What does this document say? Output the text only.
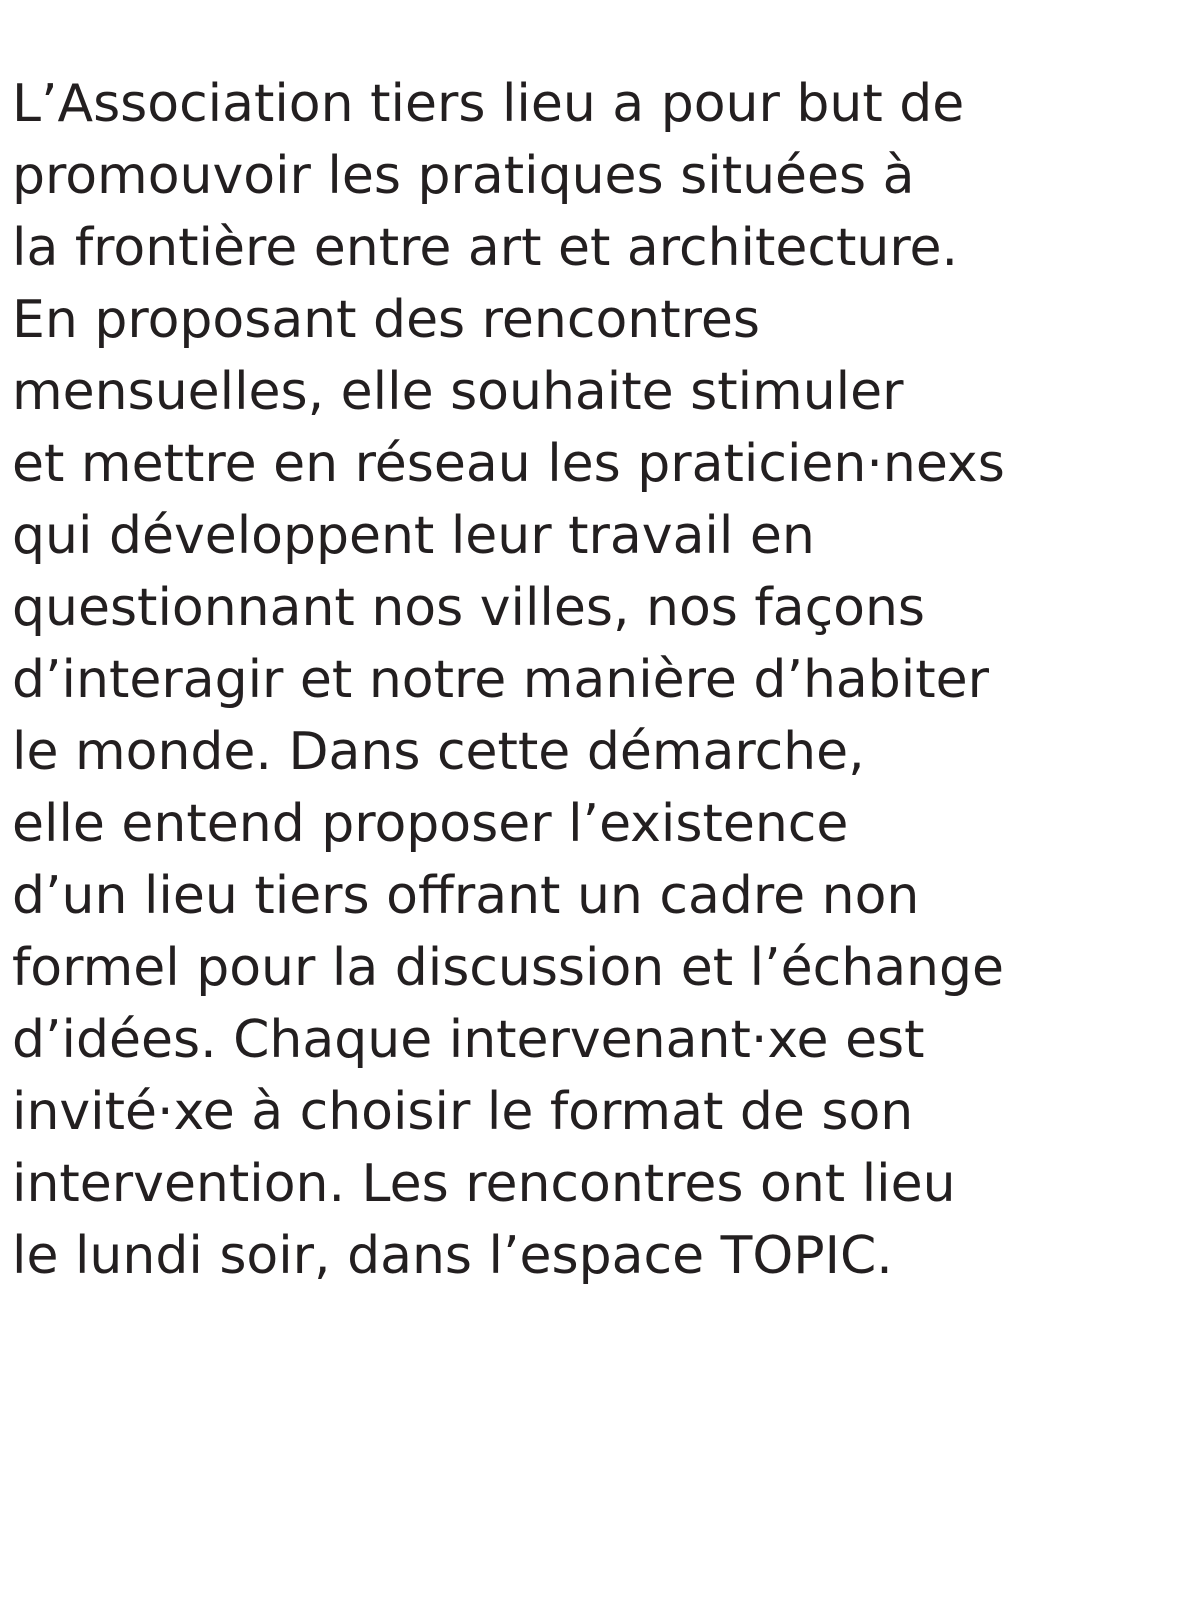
L’Association tiers lieu a pour but de
promouvoir les pratiques situées à
la frontière entre art et architecture.
En proposant des rencontres
mensuelles, elle souhaite stimuler
et mettre en réseau les praticien·nexs
qui développent leur travail en
questionnant nos villes, nos façons
d’interagir et notre manière d’habiter
le monde. Dans cette démarche,
elle entend proposer l’existence
d’un lieu tiers offrant un cadre non
formel pour la discussion et l’échange
d’idées. Chaque intervenant·xe est
invité·xe à choisir le format de son
intervention. Les rencontres ont lieu
le lundi soir, dans l’espace TOPIC.
